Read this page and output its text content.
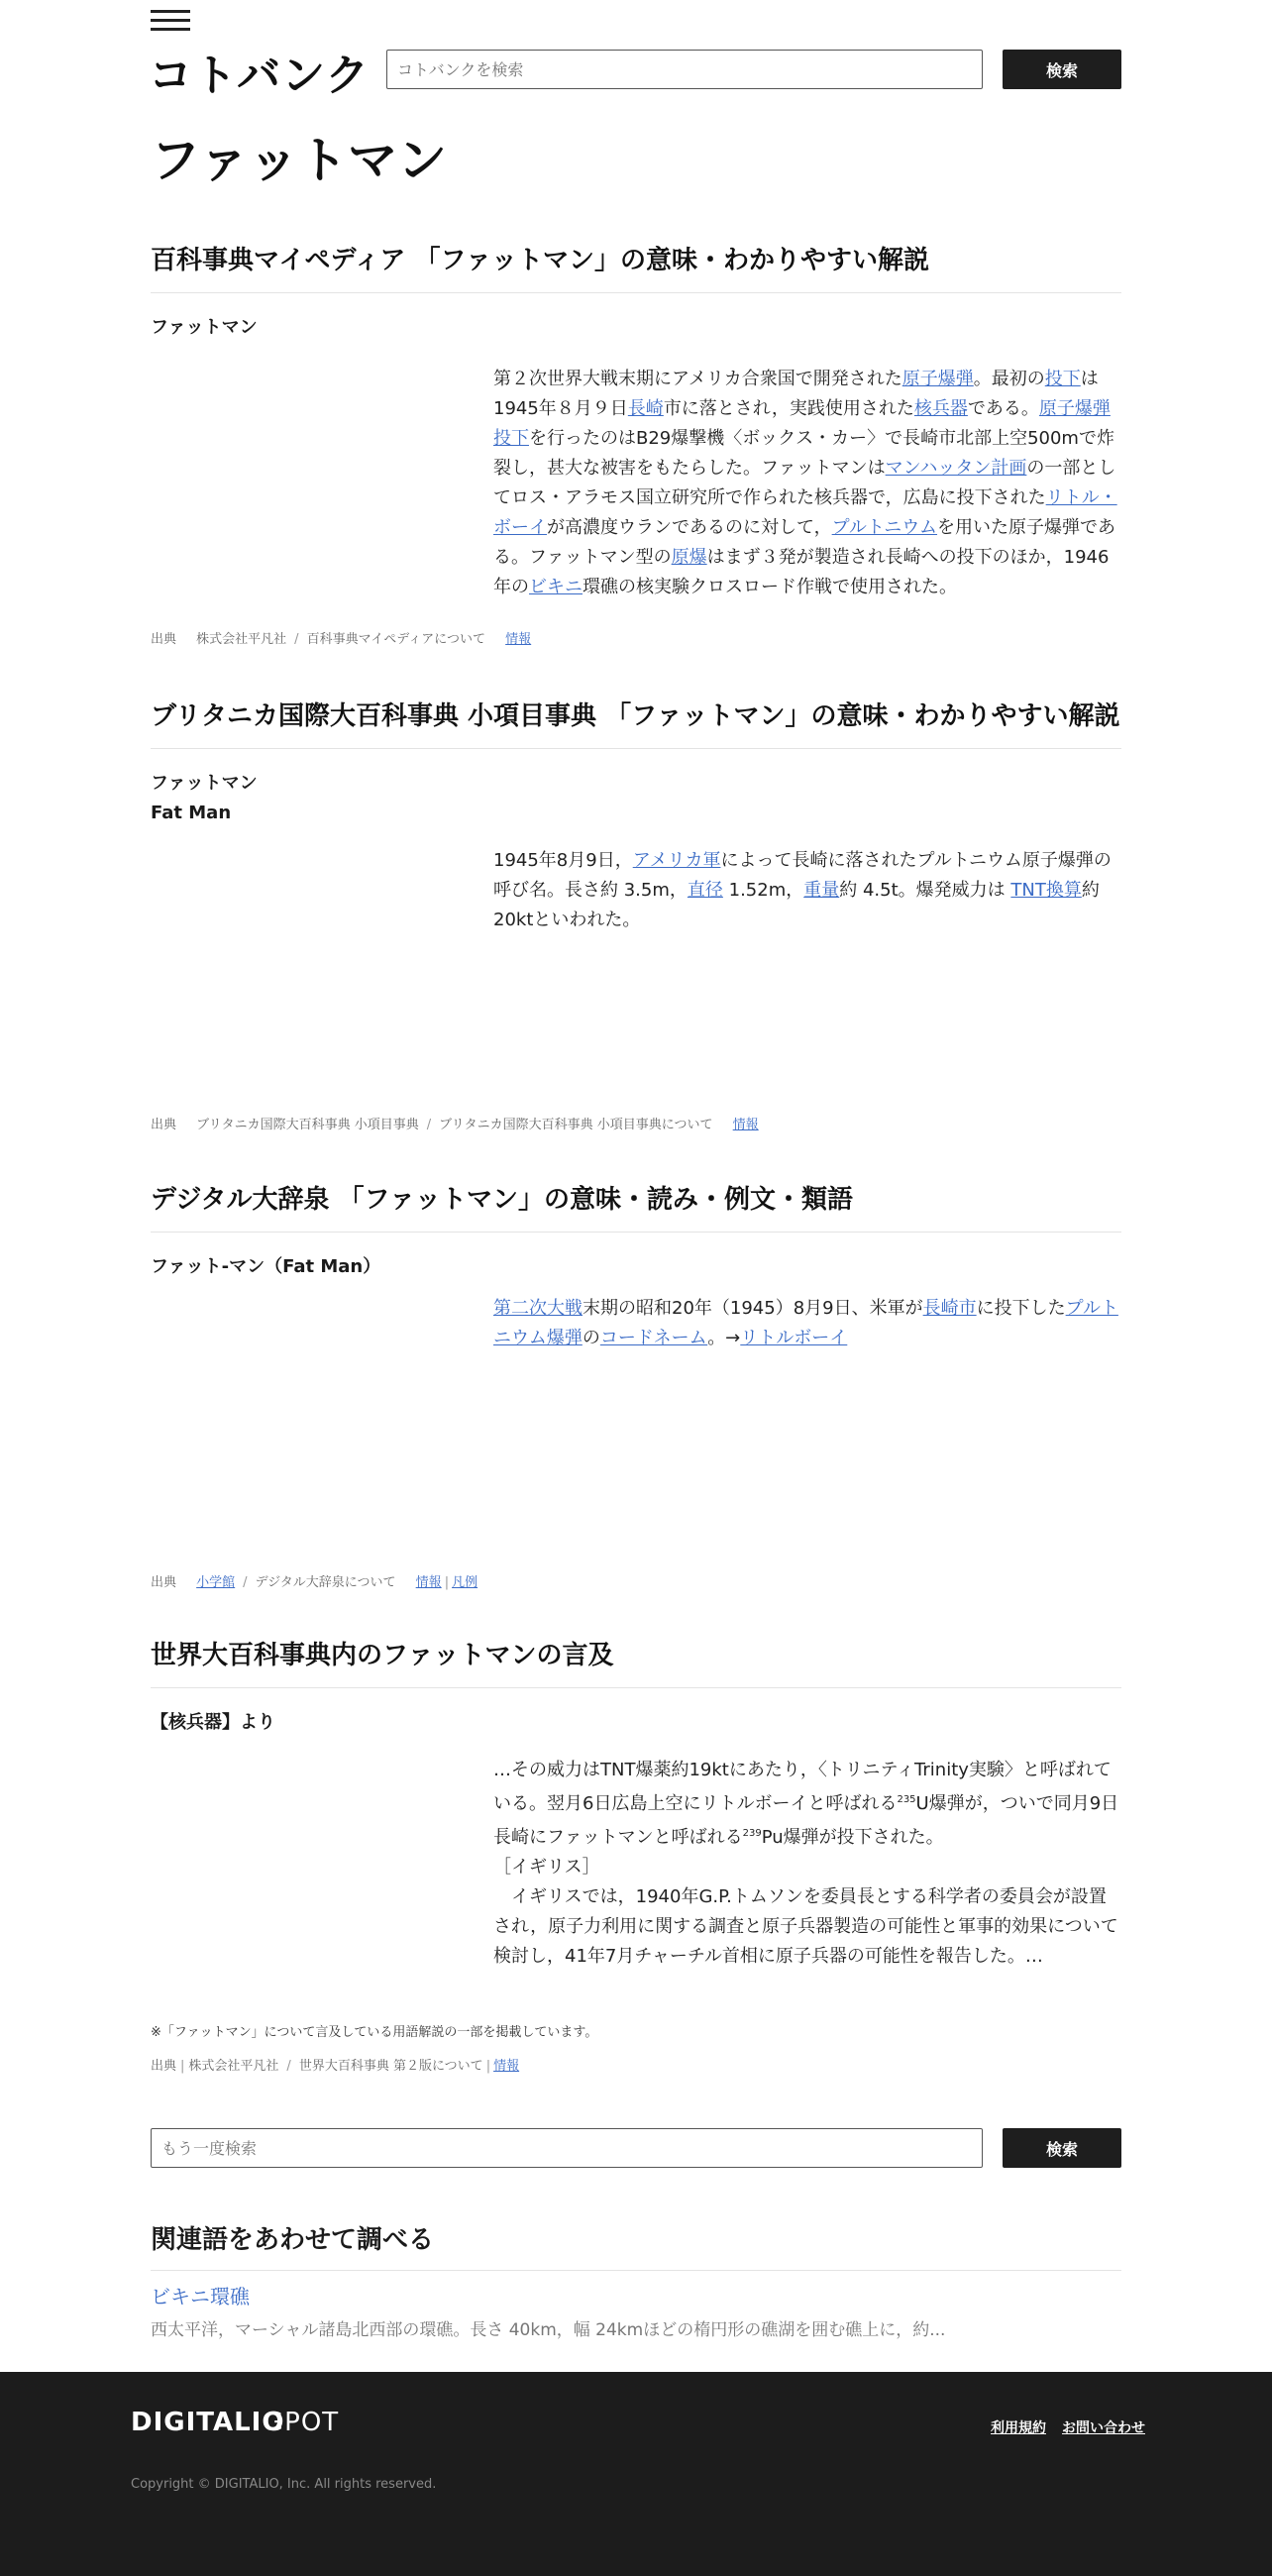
コトバンク
コトバンクを検索	検索
ファットマン
百科事典マイペディア 「ファットマン」の意味・わかりやすい解説
ファットマン
第２次世界大戦末期にアメリカ合衆国で開発された原子爆弾。最初の投下は1945年８月９日長崎市に落とされ，実践使用された核兵器である。原子爆弾投下を行ったのはB29爆撃機〈ボックス・カー〉で長崎市北部上空500mで炸裂し，甚大な被害をもたらした。ファットマンはマンハッタン計画の一部としてロス・アラモス国立研究所で作られた核兵器で，広島に投下されたリトル・ボーイが高濃度ウランであるのに対して，プルトニウムを用いた原子爆弾である。ファットマン型の原爆はまず３発が製造され長崎への投下のほか，1946年のビキニ環礁の核実験クロスロード作戦で使用された。
出典 株式会社平凡社 / 百科事典マイペディアについて 情報
ブリタニカ国際大百科事典 小項目事典 「ファットマン」の意味・わかりやすい解説
ファットマン
Fat Man
1945年8月9日，アメリカ軍によって長崎に落されたプルトニウム原子爆弾の呼び名。長さ約 3.5m，直径 1.52m，重量約 4.5t。爆発威力は TNT換算約 20ktといわれた。
出典 ブリタニカ国際大百科事典 小項目事典 / ブリタニカ国際大百科事典 小項目事典について 情報
デジタル大辞泉 「ファットマン」の意味・読み・例文・類語
ファット‐マン（Fat Man）
第二次大戦末期の昭和20年（1945）8月9日、米軍が長崎市に投下したプルトニウム爆弾のコードネーム。→リトルボーイ
出典 小学館 / デジタル大辞泉について 情報 | 凡例
世界大百科事典内のファットマンの言及
【核兵器】より
…その威力はTNT爆薬約19ktにあたり，〈トリニティTrinity実験〉と呼ばれている。翌月6日広島上空にリトルボーイと呼ばれる$^{235}$U爆弾が，ついで同月9日長崎にファットマンと呼ばれる$^{239}$Pu爆弾が投下された。
［イギリス］
　イギリスでは，1940年G.P.トムソンを委員長とする科学者の委員会が設置され，原子力利用に関する調査と原子兵器製造の可能性と軍事的効果について検討し，41年7月チャーチル首相に原子兵器の可能性を報告した。…
※「ファットマン」について言及している用語解説の一部を掲載しています。
出典 | 株式会社平凡社 / 世界大百科事典 第２版について | 情報
もう一度検索
検索
関連語をあわせて調べる
ビキニ環礁
西太平洋，マーシャル諸島北西部の環礁。長さ 40km，幅 24kmほどの楕円形の礁湖を囲む礁上に，約...
DIGITALIO
GPOT	利用規約 お問い合わせ
Copyright © DIGITALIO, Inc. All rights reserved.
